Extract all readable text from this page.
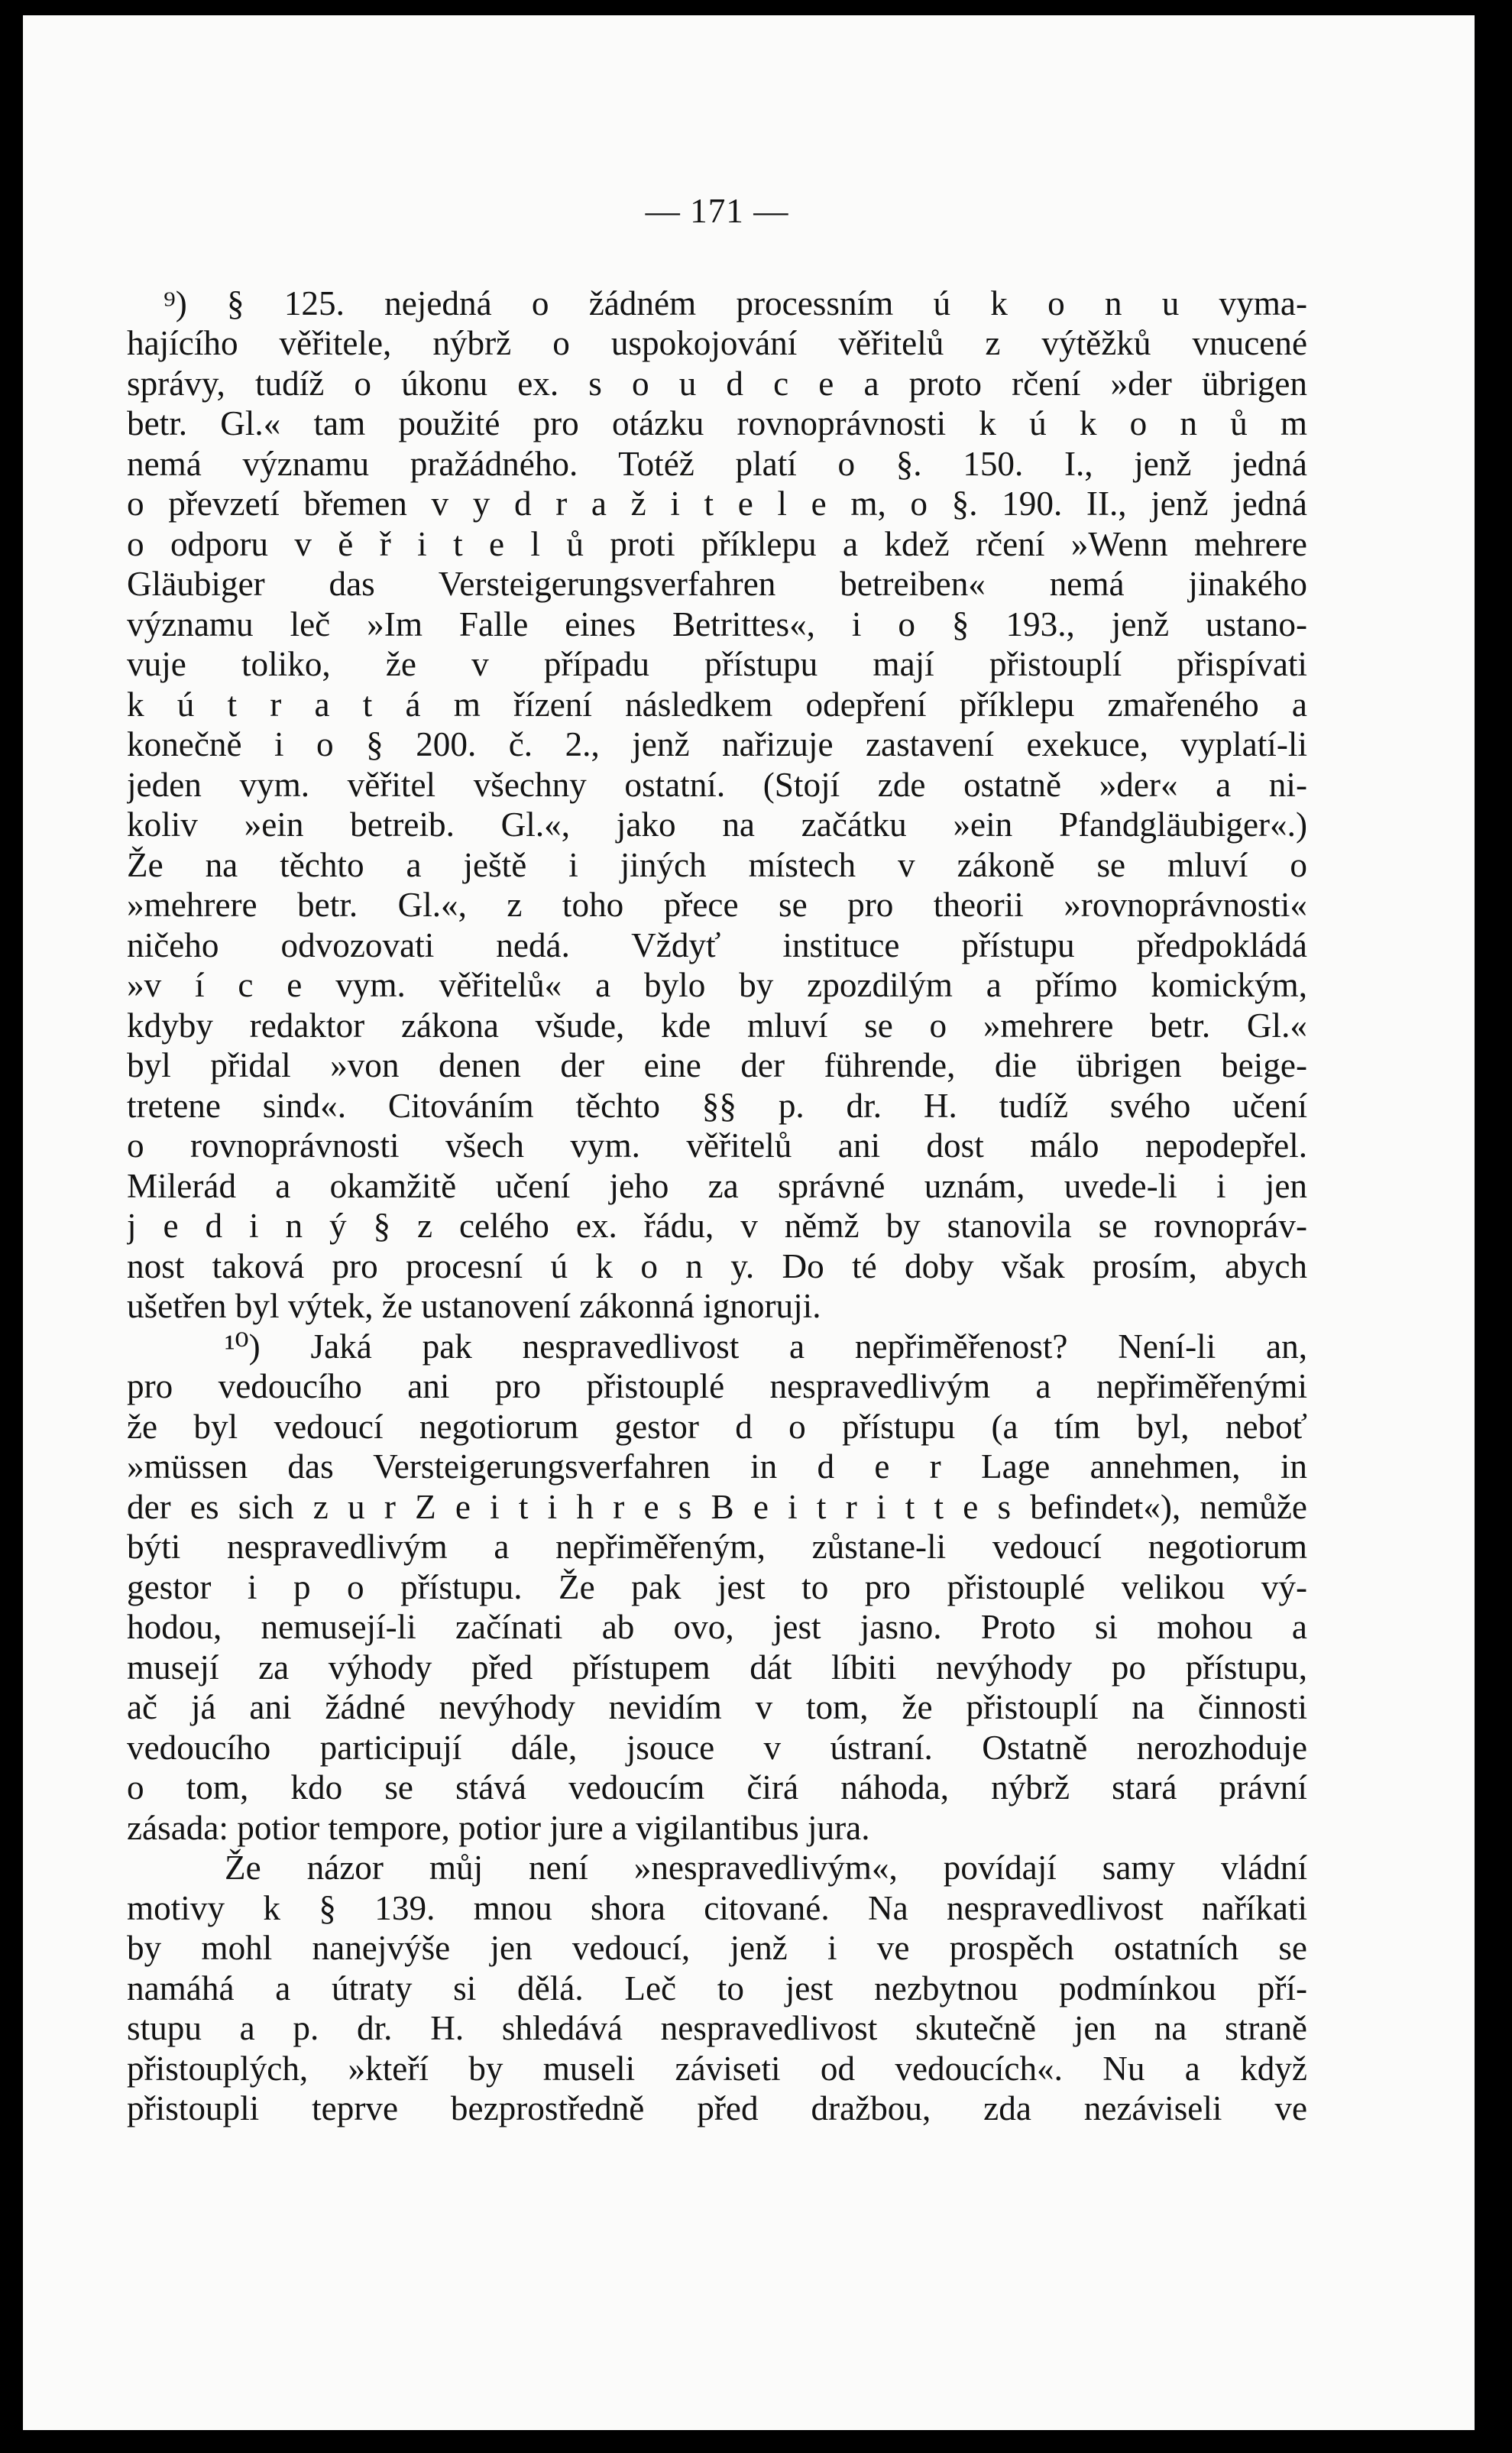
— 171 —
⁹) § 125. nejedná o žádném processním ú k o n u vyma-
hajícího věřitele, nýbrž o uspokojování věřitelů z výtěžků vnucené
správy, tudíž o úkonu ex. s o u d c e a proto rčení »der übrigen
betr. Gl.« tam použité pro otázku rovnoprávnosti k ú k o n ů m
nemá významu pražádného. Totéž platí o §. 150. I., jenž jedná
o převzetí břemen v y d r a ž i t e l e m, o §. 190. II., jenž jedná
o odporu v ě ř i t e l ů proti příklepu a kdež rčení »Wenn mehrere
Gläubiger das Versteigerungsverfahren betreiben« nemá jinakého
významu leč »Im Falle eines Betrittes«, i o § 193., jenž ustano-
vuje toliko, že v případu přístupu mají přistouplí přispívati
k ú t r a t á m řízení následkem odepření příklepu zmařeného a
konečně i o § 200. č. 2., jenž nařizuje zastavení exekuce, vyplatí-li
jeden vym. věřitel všechny ostatní. (Stojí zde ostatně »der« a ni-
koliv »ein betreib. Gl.«, jako na začátku »ein Pfandgläubiger«.)
Že na těchto a ještě i jiných místech v zákoně se mluví o
»mehrere betr. Gl.«, z toho přece se pro theorii »rovnoprávnosti«
ničeho odvozovati nedá. Vždyť instituce přístupu předpokládá
»v í c e vym. věřitelů« a bylo by zpozdilým a přímo komickým,
kdyby redaktor zákona všude, kde mluví se o »mehrere betr. Gl.«
byl přidal »von denen der eine der führende, die übrigen beige-
tretene sind«. Citováním těchto §§ p. dr. H. tudíž svého učení
o rovnoprávnosti všech vym. věřitelů ani dost málo nepodepřel.
Milerád a okamžitě učení jeho za správné uznám, uvede-li i jen
j e d i n ý § z celého ex. řádu, v němž by stanovila se rovnopráv-
nost taková pro procesní ú k o n y. Do té doby však prosím, abych
ušetřen byl výtek, že ustanovení zákonná ignoruji.
¹⁰) Jaká pak nespravedlivost a nepřiměřenost? Není-li an,
pro vedoucího ani pro přistouplé nespravedlivým a nepřiměřenými
že byl vedoucí negotiorum gestor d o přístupu (a tím byl, neboť
»müssen das Versteigerungsverfahren in d e r Lage annehmen, in
der es sich z u r Z e i t i h r e s B e i t r i t t e s befindet«), nemůže
býti nespravedlivým a nepřiměřeným, zůstane-li vedoucí negotiorum
gestor i p o přístupu. Že pak jest to pro přistouplé velikou vý-
hodou, nemusejí-li začínati ab ovo, jest jasno. Proto si mohou a
musejí za výhody před přístupem dát líbiti nevýhody po přístupu,
ač já ani žádné nevýhody nevidím v tom, že přistouplí na činnosti
vedoucího participují dále, jsouce v ústraní. Ostatně nerozhoduje
o tom, kdo se stává vedoucím čirá náhoda, nýbrž stará právní
zásada: potior tempore, potior jure a vigilantibus jura.
Že názor můj není »nespravedlivým«, povídají samy vládní
motivy k § 139. mnou shora citované. Na nespravedlivost naříkati
by mohl nanejvýše jen vedoucí, jenž i ve prospěch ostatních se
namáhá a útraty si dělá. Leč to jest nezbytnou podmínkou pří-
stupu a p. dr. H. shledává nespravedlivost skutečně jen na straně
přistouplých, »kteří by museli záviseti od vedoucích«. Nu a když
přistoupli teprve bezprostředně před dražbou, zda nezáviseli ve
